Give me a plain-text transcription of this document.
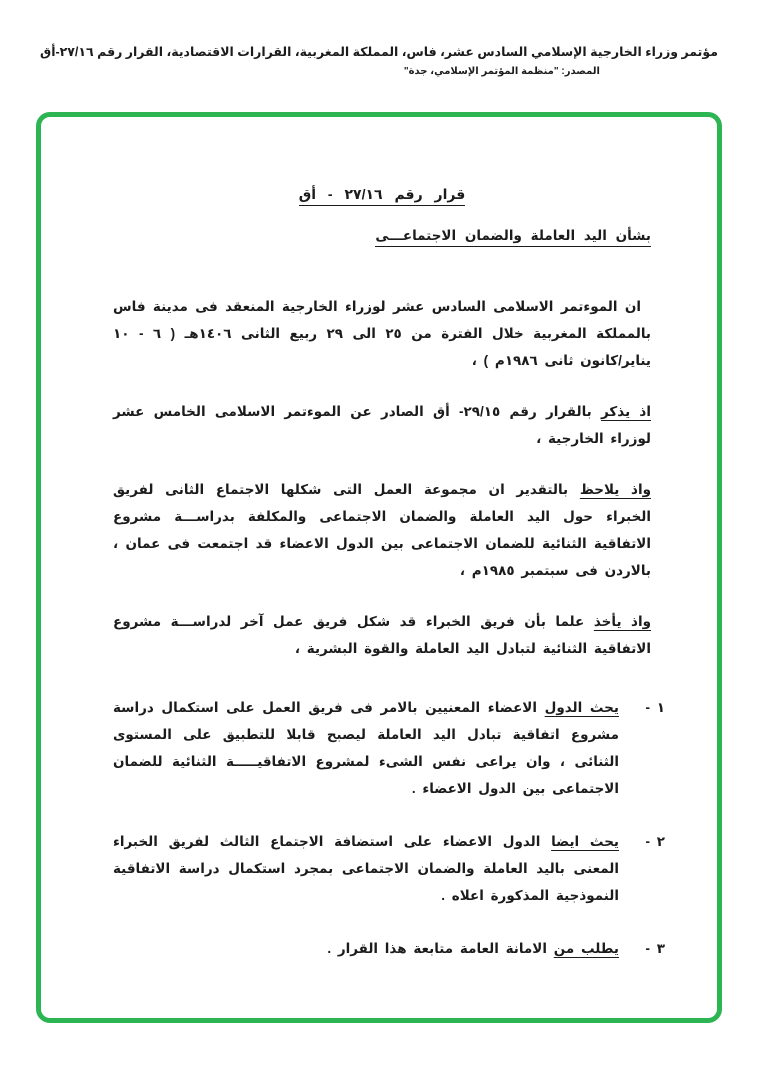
مؤتمر وزراء الخارجية الإسلامي السادس عشر، فاس، المملكة المغربية، القرارات الاقتصادية، القرار رقم ٢٧/١٦-أق
المصدر: "منظمة المؤتمر الإسلامي، جدة"
قرار رقم ٢٧/١٦ - أق
بشأن اليد العاملة والضمان الاجتماعـــى

ان الموءتمر الاسلامى السادس عشر لوزراء الخارجية المنعقد فى مدينة فاس بالمملكة المغربية خلال الفترة من ٢٥ الى ٢٩ ربيع الثانى ١٤٠٦هـ ( ٦ - ١٠ يناير/كانون ثانى ١٩٨٦م ) ،

اذ يذكر بالقرار رقم ٢٩/١٥- أق الصادر عن الموءتمر الاسلامى الخامس عشر لوزراء الخارجية ،

واذ يلاحظ بالتقدير ان مجموعة العمل التى شكلها الاجتماع الثانى لفريق الخبراء حول اليد العاملة والضمان الاجتماعى والمكلفة بدراســـة مشروع الاتفاقية الثنائية للضمان الاجتماعى بين الدول الاعضاء قد اجتمعت فى عمان ، بالاردن فى سبتمبر ١٩٨٥م ،

واذ يأخذ علما بأن فريق الخبراء قد شكل فريق عمل آخر لدراســـة مشروع الاتفاقية الثنائية لتبادل اليد العاملة والقوة البشرية ،

١ -

يحث الدول الاعضاء المعنيين بالامر فى فريق العمل على استكمال دراسة مشروع اتفاقية تبادل اليد العاملة ليصبح قابلا للتطبيق على المستوى الثنائى ، وان يراعى نفس الشىء لمشروع الاتفاقيـــــة الثنائية للضمان الاجتماعى بين الدول الاعضاء .

٢ -

يحث ايضا الدول الاعضاء على استضافة الاجتماع الثالث لفريق الخبراء المعنى باليد العاملة والضمان الاجتماعى بمجرد استكمال دراسة الاتفاقية النموذجية المذكورة اعلاه .

٣ -

يطلب من الامانة العامة متابعة هذا القرار .
